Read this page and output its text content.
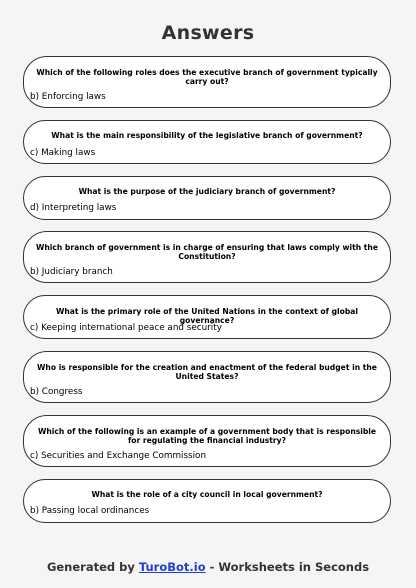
Answers
Which of the following roles does the executive branch of government typically carry out?
b) Enforcing laws
What is the main responsibility of the legislative branch of government?
c) Making laws
What is the purpose of the judiciary branch of government?
d) Interpreting laws
Which branch of government is in charge of ensuring that laws comply with the Constitution?
b) Judiciary branch
What is the primary role of the United Nations in the context of global governance?
c) Keeping international peace and security
Who is responsible for the creation and enactment of the federal budget in the United States?
b) Congress
Which of the following is an example of a government body that is responsible for regulating the financial industry?
c) Securities and Exchange Commission
What is the role of a city council in local government?
b) Passing local ordinances
Generated by TuroBot.io - Worksheets in Seconds
